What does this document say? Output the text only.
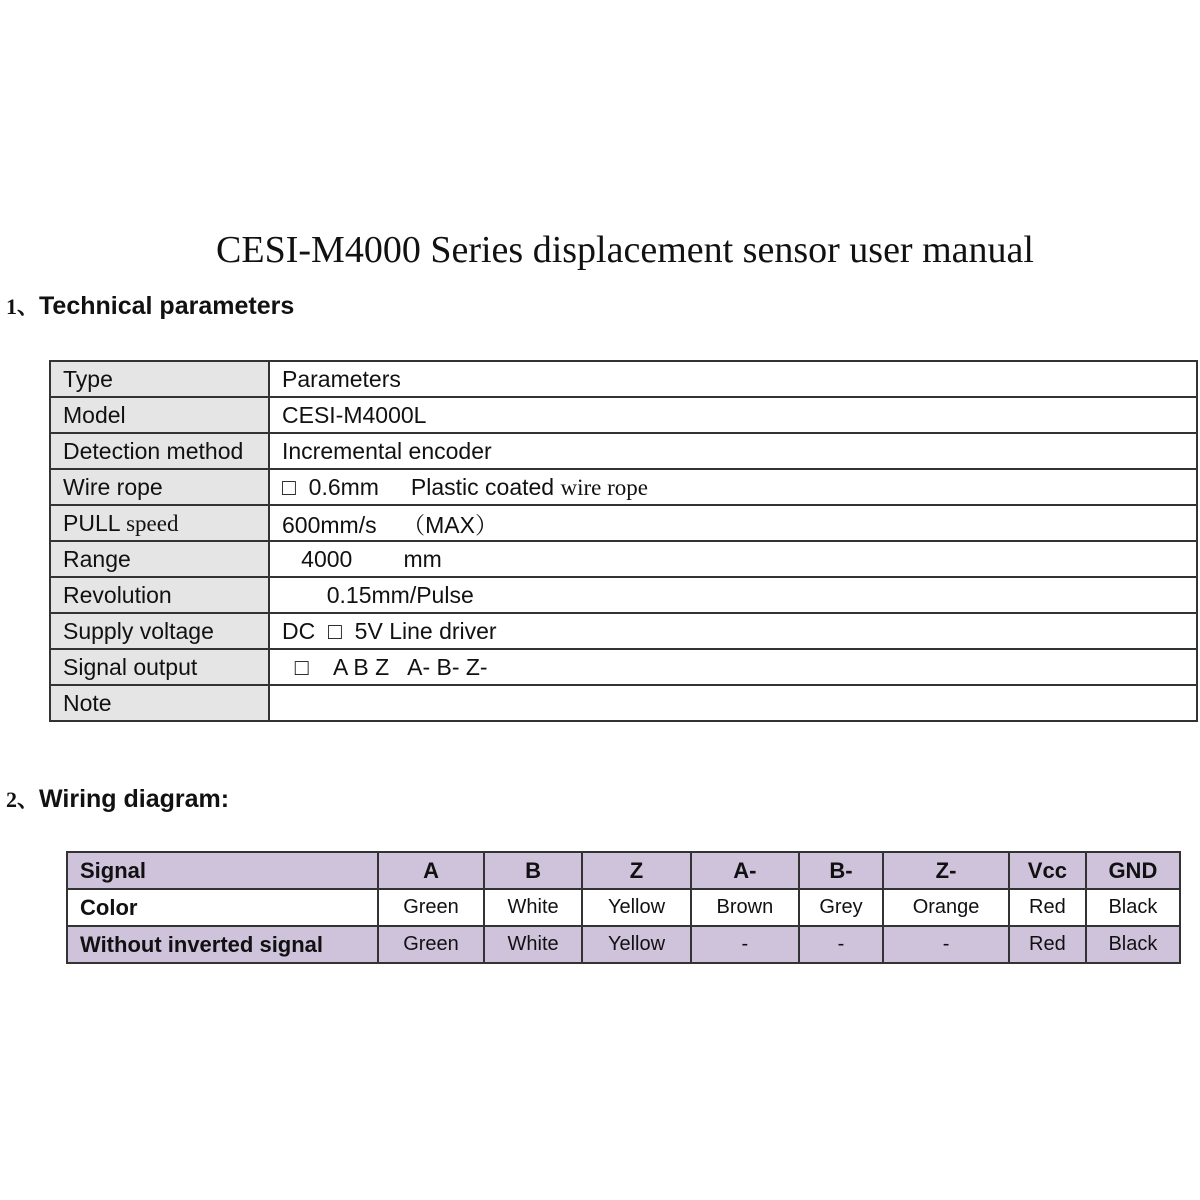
CESI-M4000 Series displacement sensor user manual
1、Technical parameters
Type	Parameters
Model	CESI-M4000L
Detection method	Incremental encoder
Wire rope	□  0.6mm     Plastic coated wire rope
PULL speed	600mm/s    （MAX）
Range	4000        mm
Revolution	0.15mm/Pulse
Supply voltage	DC  □  5V Line driver
Signal output	□    A B Z   A- B- Z-
Note	
2、Wiring diagram:
Signal	A	B	Z	A-	B-	Z-	Vcc	GND
Color	Green	White	Yellow	Brown	Grey	Orange	Red	Black
Without inverted signal	Green	White	Yellow	-	-	-	Red	Black
